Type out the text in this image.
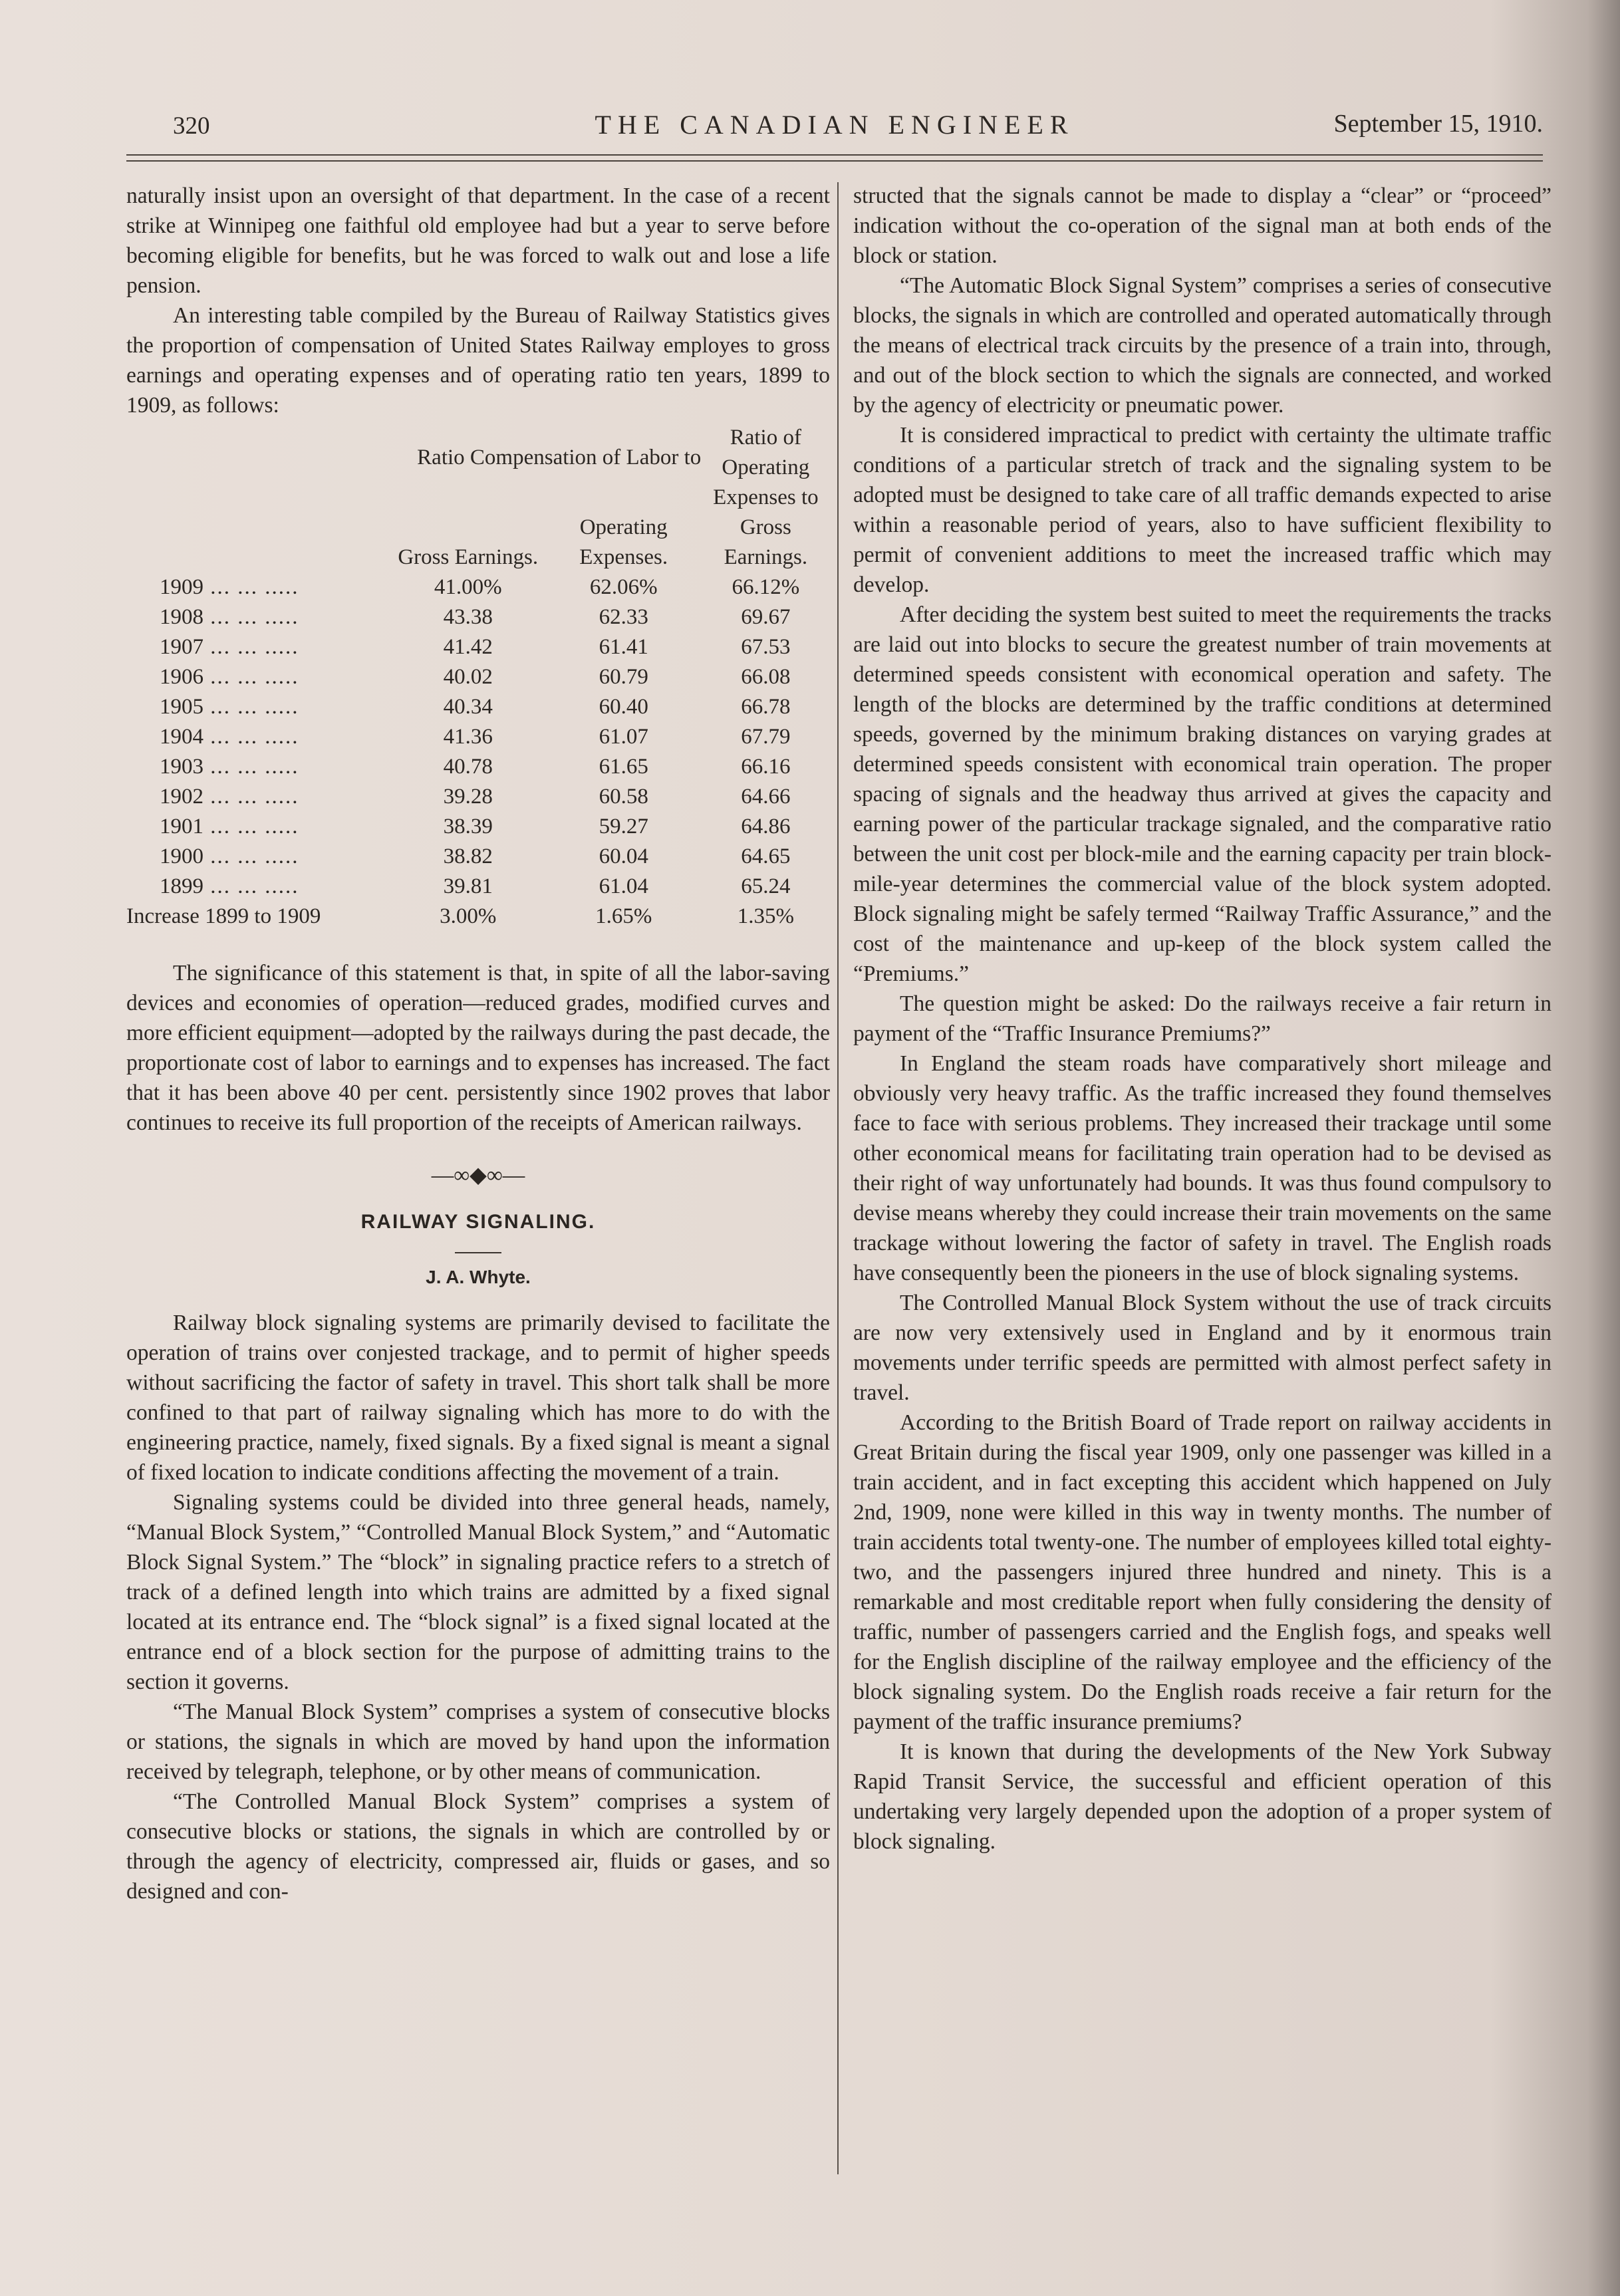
320	THE CANADIAN ENGINEER	September 15, 1910.

naturally insist upon an oversight of that department. In the case of a recent strike at Winnipeg one faithful old employee had but a year to serve before becoming eligible for benefits, but he was forced to walk out and lose a life pension.

An interesting table compiled by the Bureau of Railway Statistics gives the proportion of compensation of United States Railway employes to gross earnings and operating expenses and of operating ratio ten years, 1899 to 1909, as follows:

	Ratio Compensation of Labor to		Ratio of Operating Expenses to Gross Earnings.
	Gross Earnings.	Operating Expenses.	
1909 ... ... .....	41.00%	62.06%	66.12%
1908 ... ... .....	43.38	62.33	69.67
1907 ... ... .....	41.42	61.41	67.53
1906 ... ... .....	40.02	60.79	66.08
1905 ... ... .....	40.34	60.40	66.78
1904 ... ... .....	41.36	61.07	67.79
1903 ... ... .....	40.78	61.65	66.16
1902 ... ... .....	39.28	60.58	64.66
1901 ... ... .....	38.39	59.27	64.86
1900 ... ... .....	38.82	60.04	64.65
1899 ... ... .....	39.81	61.04	65.24
Increase 1899 to 1909	3.00%	1.65%	1.35%

The significance of this statement is that, in spite of all the labor-saving devices and economies of operation—reduced grades, modified curves and more efficient equipment—adopted by the railways during the past decade, the proportionate cost of labor to earnings and to expenses has increased. The fact that it has been above 40 per cent. persistently since 1902 proves that labor continues to receive its full proportion of the receipts of American railways.

—∞◆∞—
RAILWAY SIGNALING.
J. A. Whyte.

Railway block signaling systems are primarily devised to facilitate the operation of trains over conjested trackage, and to permit of higher speeds without sacrificing the factor of safety in travel. This short talk shall be more confined to that part of railway signaling which has more to do with the engineering practice, namely, fixed signals. By a fixed signal is meant a signal of fixed location to indicate conditions affecting the movement of a train.

Signaling systems could be divided into three general heads, namely, “Manual Block System,” “Controlled Manual Block System,” and “Automatic Block Signal System.” The “block” in signaling practice refers to a stretch of track of a defined length into which trains are admitted by a fixed signal located at its entrance end. The “block signal” is a fixed signal located at the entrance end of a block section for the purpose of admitting trains to the section it governs.

“The Manual Block System” comprises a system of consecutive blocks or stations, the signals in which are moved by hand upon the information received by telegraph, telephone, or by other means of communication.

“The Controlled Manual Block System” comprises a system of consecutive blocks or stations, the signals in which are controlled by or through the agency of electricity, compressed air, fluids or gases, and so designed and con-

structed that the signals cannot be made to display a “clear” or “proceed” indication without the co-operation of the signal man at both ends of the block or station.

“The Automatic Block Signal System” comprises a series of consecutive blocks, the signals in which are controlled and operated automatically through the means of electrical track circuits by the presence of a train into, through, and out of the block section to which the signals are connected, and worked by the agency of electricity or pneumatic power.

It is considered impractical to predict with certainty the ultimate traffic conditions of a particular stretch of track and the signaling system to be adopted must be designed to take care of all traffic demands expected to arise within a reasonable period of years, also to have sufficient flexibility to permit of convenient additions to meet the increased traffic which may develop.

After deciding the system best suited to meet the requirements the tracks are laid out into blocks to secure the greatest number of train movements at determined speeds consistent with economical operation and safety. The length of the blocks are determined by the traffic conditions at determined speeds, governed by the minimum braking distances on varying grades at determined speeds consistent with economical train operation. The proper spacing of signals and the headway thus arrived at gives the capacity and earning power of the particular trackage signaled, and the comparative ratio between the unit cost per block-mile and the earning capacity per train block-mile-year determines the commercial value of the block system adopted. Block signaling might be safely termed “Railway Traffic Assurance,” and the cost of the maintenance and up-keep of the block system called the “Premiums.”

The question might be asked: Do the railways receive a fair return in payment of the “Traffic Insurance Premiums?”

In England the steam roads have comparatively short mileage and obviously very heavy traffic. As the traffic increased they found themselves face to face with serious problems. They increased their trackage until some other economical means for facilitating train operation had to be devised as their right of way unfortunately had bounds. It was thus found compulsory to devise means whereby they could increase their train movements on the same trackage without lowering the factor of safety in travel. The English roads have consequently been the pioneers in the use of block signaling systems.

The Controlled Manual Block System without the use of track circuits are now very extensively used in England and by it enormous train movements under terrific speeds are permitted with almost perfect safety in travel.

According to the British Board of Trade report on railway accidents in Great Britain during the fiscal year 1909, only one passenger was killed in a train accident, and in fact excepting this accident which happened on July 2nd, 1909, none were killed in this way in twenty months. The number of train accidents total twenty-one. The number of employees killed total eighty-two, and the passengers injured three hundred and ninety. This is a remarkable and most creditable report when fully considering the density of traffic, number of passengers carried and the English fogs, and speaks well for the English discipline of the railway employee and the efficiency of the block signaling system. Do the English roads receive a fair return for the payment of the traffic insurance premiums?

It is known that during the developments of the New York Subway Rapid Transit Service, the successful and efficient operation of this undertaking very largely depended upon the adoption of a proper system of block signaling.
